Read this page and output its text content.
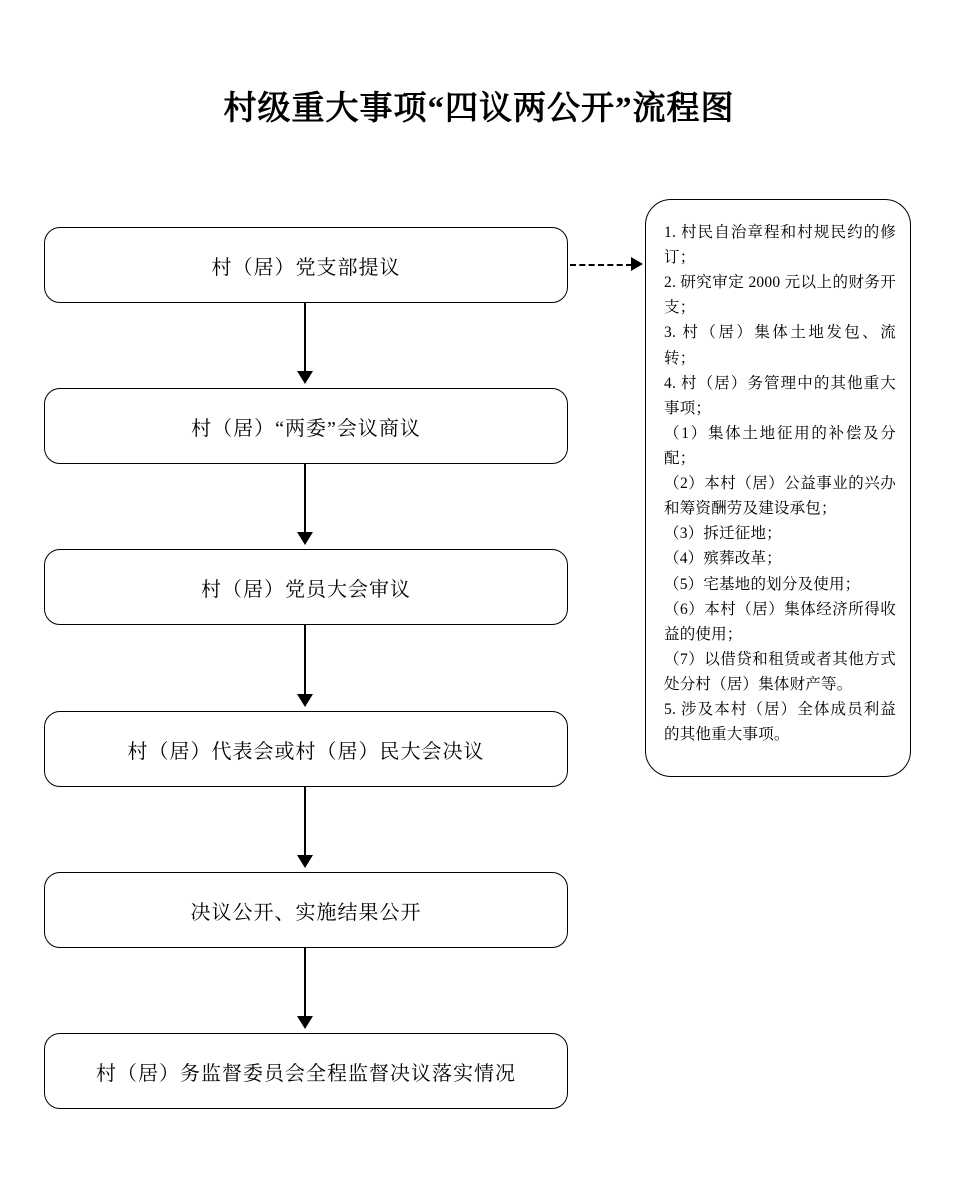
村级重大事项“四议两公开”流程图
村（居）党支部提议
村（居）“两委”会议商议
村（居）党员大会审议
村（居）代表会或村（居）民大会决议
决议公开、实施结果公开
村（居）务监督委员会全程监督决议落实情况
1. 村民自治章程和村规民约的修订；
2. 研究审定 2000 元以上的财务开支；
3. 村（居）集体土地发包、流转；
4. 村（居）务管理中的其他重大事项；
（1）集体土地征用的补偿及分配；
（2）本村（居）公益事业的兴办和筹资酬劳及建设承包；
（3）拆迁征地；
（4）殡葬改革；
（5）宅基地的划分及使用；
（6）本村（居）集体经济所得收益的使用；
（7）以借贷和租赁或者其他方式处分村（居）集体财产等。
5. 涉及本村（居）全体成员利益的其他重大事项。
